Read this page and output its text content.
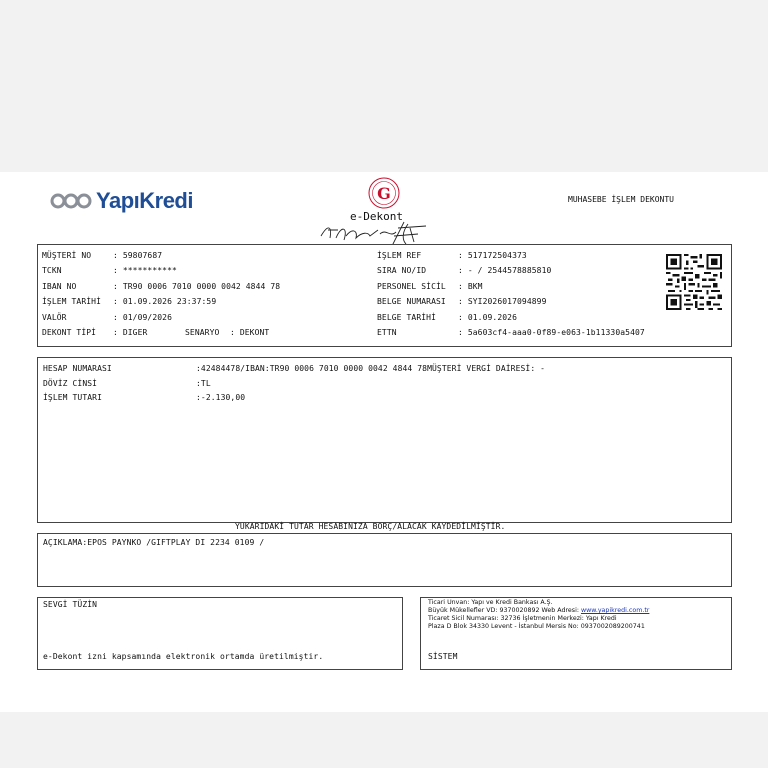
YapıKredi	G
e-Dekont
MUHASEBE İŞLEM DEKONTU
MÜŞTERİ NO	: 59807687
TCKN	: ***********
IBAN NO	: TR90 0006 7010 0000 0042 4844 78
İŞLEM TARİHİ : 01.09.2026 23:37:59
VALÖR	: 01/09/2026
DEKONT TİPİ : DIGER	SENARYO : DEKONT
İŞLEM REF	: 517172504373
SIRA NO/ID	: - / 2544578885810
PERSONEL SİCİL : BKM
BELGE NUMARASI : SYI2026017094899
BELGE TARİHİ	: 01.09.2026
ETTN	: 5a603cf4-aaa0-0f89-e063-1b11330a5407
HESAP NUMARASI	:42484478/IBAN:TR90 0006 7010 0000 0042 4844 78MÜŞTERİ VERGİ DAİRESİ: -
DÖVİZ CİNSİ	:TL
İŞLEM TUTARI	:-2.130,00
YUKARIDAKİ TUTAR HESABINIZA BORÇ/ALACAK KAYDEDİLMİŞTİR.
AÇIKLAMA:EPOS PAYNKO /GIFTPLAY DI 2234 0109 /
SEVGİ TÜZİN
e-Dekont izni kapsamında elektronik ortamda üretilmiştir.
Ticari Unvan: Yapı ve Kredi Bankası A.Ş.
Büyük Mükellefler VD: 9370020892 Web Adresi: www.yapikredi.com.tr
Ticaret Sicil Numarası: 32736 İşletmenin Merkezi: Yapı Kredi
Plaza D Blok 34330 Levent - İstanbul Mersis No: 0937002089200741
SİSTEM
